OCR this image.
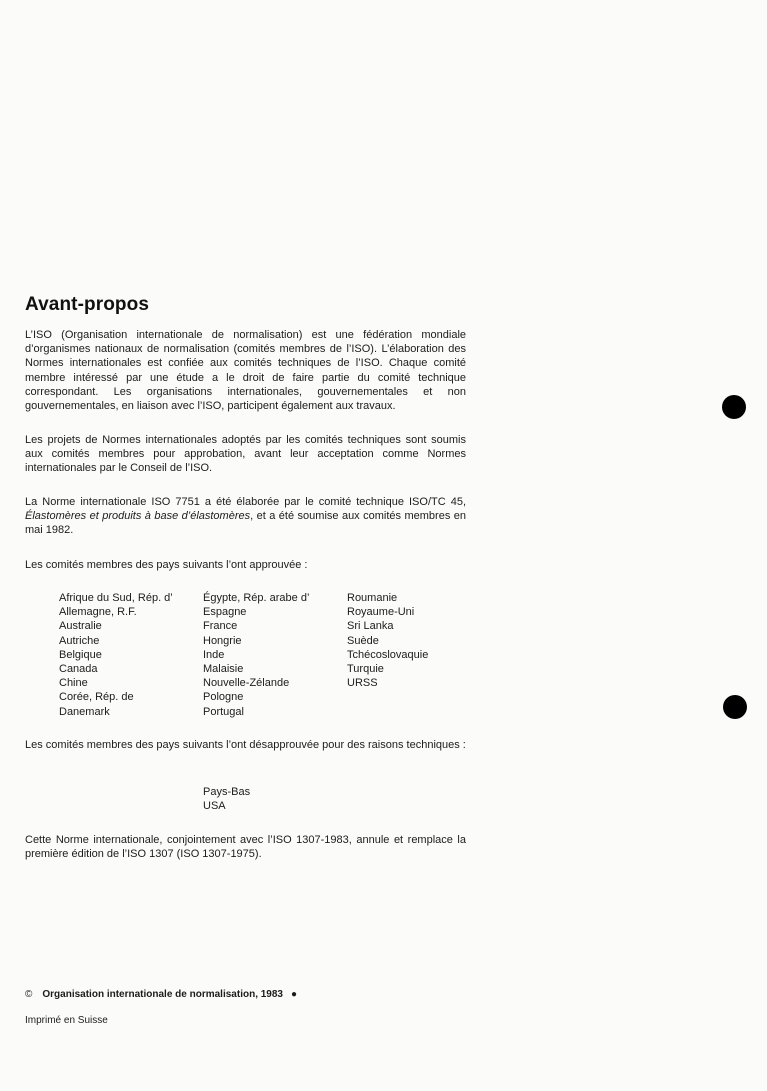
Avant-propos

L’ISO (Organisation internationale de normalisation) est une fédération mondiale d’organismes nationaux de normalisation (comités membres de l’ISO). L’élaboration des Normes internationales est confiée aux comités techniques de l’ISO. Chaque comité membre intéressé par une étude a le droit de faire partie du comité technique correspondant. Les organisations internationales, gouvernementales et non gouvernementales, en liaison avec l’ISO, participent également aux travaux.

Les projets de Normes internationales adoptés par les comités techniques sont soumis aux comités membres pour approbation, avant leur acceptation comme Normes internationales par le Conseil de l’ISO.

La Norme internationale ISO 7751 a été élaborée par le comité technique ISO/TC 45, Élastomères et produits à base d’élastomères, et a été soumise aux comités membres en mai 1982.

Les comités membres des pays suivants l’ont approuvée :

Afrique du Sud, Rép. d’
Allemagne, R.F.
Australie
Autriche
Belgique
Canada
Chine
Corée, Rép. de
Danemark
Égypte, Rép. arabe d’
Espagne
France
Hongrie
Inde
Malaisie
Nouvelle-Zélande
Pologne
Portugal
Roumanie
Royaume-Uni
Sri Lanka
Suède
Tchécoslovaquie
Turquie
URSS

Les comités membres des pays suivants l’ont désapprouvée pour des raisons techniques :

Pays-Bas
USA

Cette Norme internationale, conjointement avec l’ISO 1307-1983, annule et remplace la première édition de l’ISO 1307 (ISO 1307-1975).

© Organisation internationale de normalisation, 1983 ●
Imprimé en Suisse
